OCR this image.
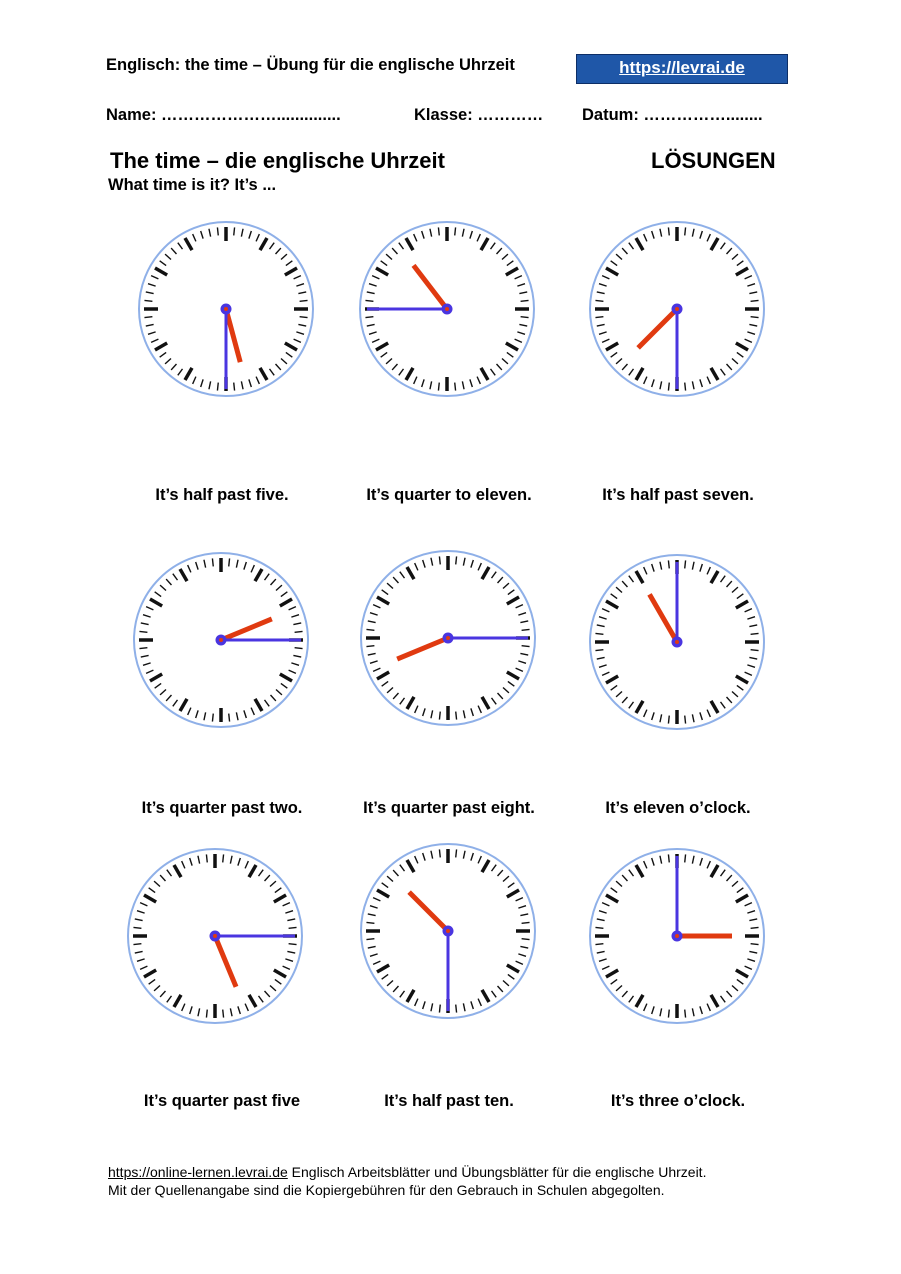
Englisch: the time – Übung für die englische Uhrzeit	https://levrai.de
Name: …………………..............	Klasse: ………… Datum: ……………........
The time – die englische Uhrzeit	LÖSUNGEN
What time is it? It’s ...
It’s half past five.	It’s quarter to eleven.	It’s half past seven.
It’s quarter past two.	It’s quarter past eight.	It’s eleven o’clock.
It’s quarter past five	It’s half past ten.	It’s three o’clock.
https://online-lernen.levrai.de Englisch Arbeitsblätter und Übungsblätter für die englische Uhrzeit.
Mit der Quellenangabe sind die Kopiergebühren für den Gebrauch in Schulen abgegolten.
